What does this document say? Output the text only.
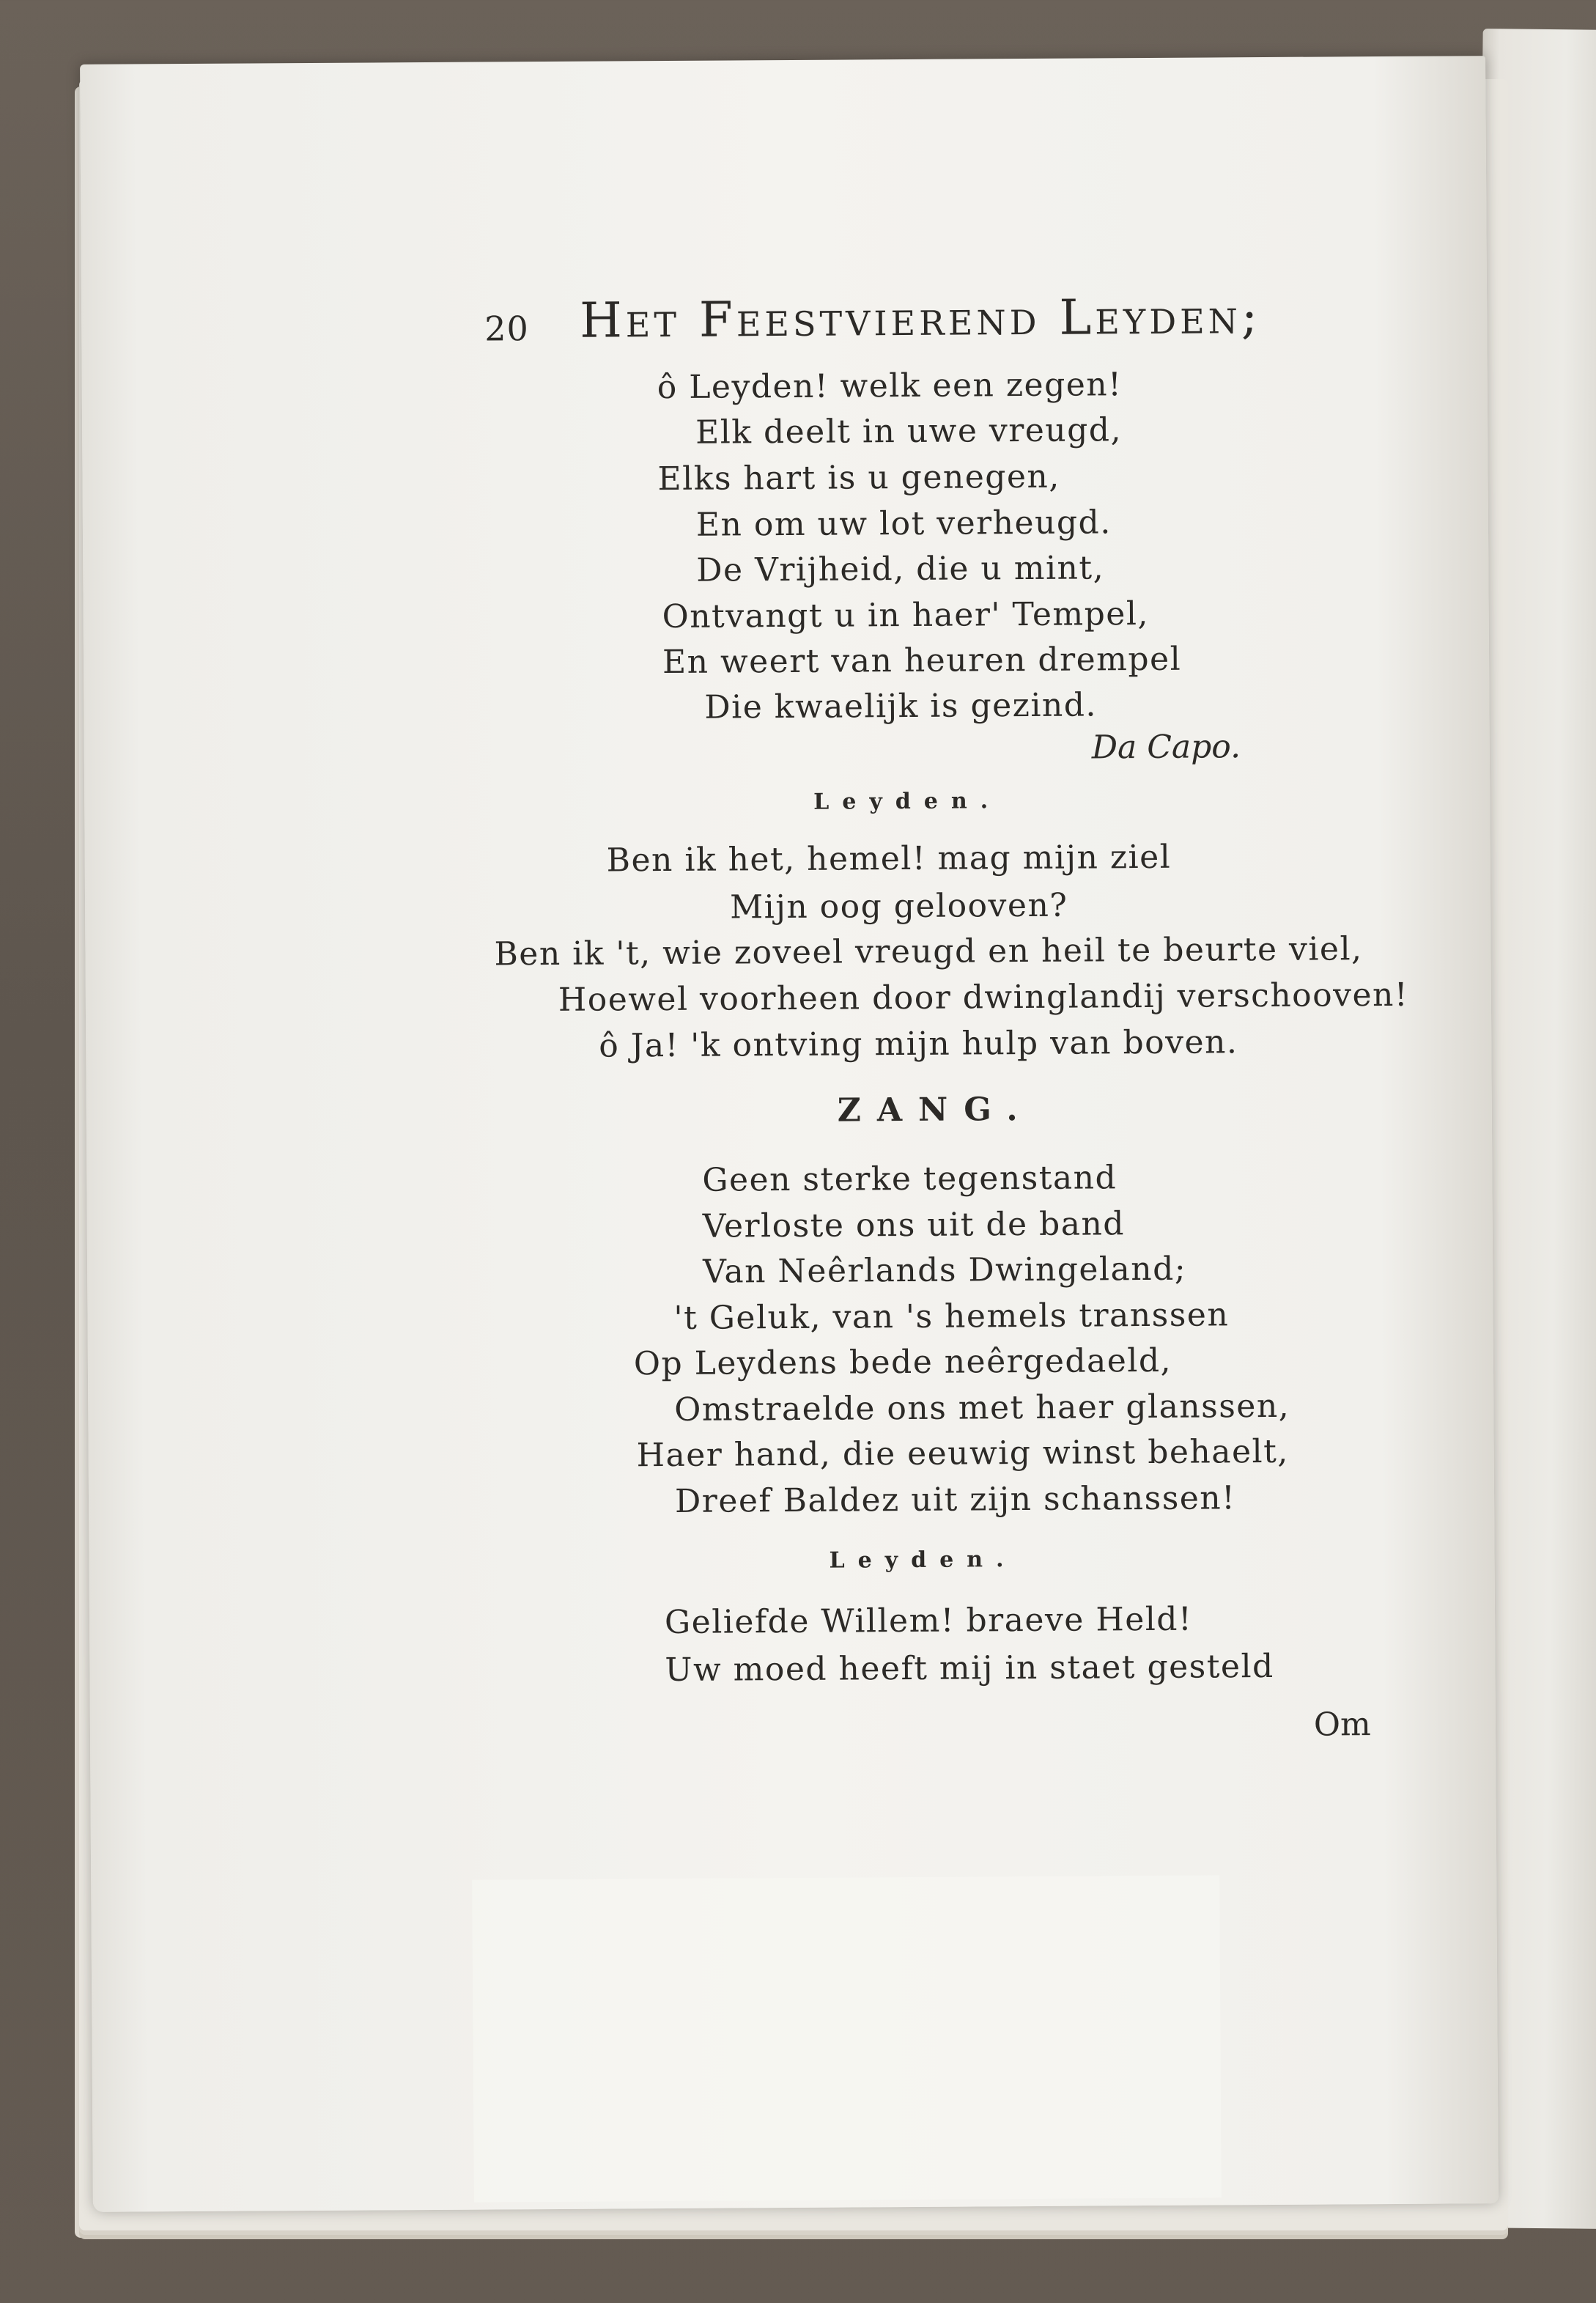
20 Het Feestvierend Leyden;
ô Leyden! welk een zegen!
Elk deelt in uwe vreugd,
Elks hart is u genegen,
En om uw lot verheugd.
De Vrijheid, die u mint,
Ontvangt u in haer' Tempel,
En weert van heuren drempel
Die kwaelijk is gezind.
Da Capo.
Leyden.
Ben ik het, hemel! mag mijn ziel
Mijn oog gelooven?
Ben ik 't, wie zoveel vreugd en heil te beurte viel,
Hoewel voorheen door dwinglandij verschooven!
ô Ja! 'k ontving mijn hulp van boven.
ZANG.
Geen sterke tegenstand
Verloste ons uit de band
Van Neêrlands Dwingeland;
't Geluk, van 's hemels transsen
Op Leydens bede neêrgedaeld,
Omstraelde ons met haer glanssen,
Haer hand, die eeuwig winst behaelt,
Dreef Baldez uit zijn schanssen!
Leyden.
Geliefde Willem! braeve Held!
Uw moed heeft mij in staet gesteld
Om
